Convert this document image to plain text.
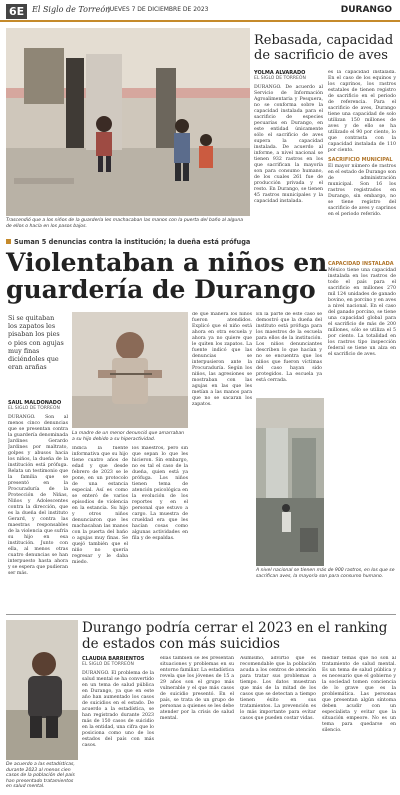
6E El Siglo de Torreón
JUEVES 7 DE DICIEMBRE DE 2023	DURANGO
Trascendió que a los niños de la guardería les machacaban las manos con la puerta del baño al alguna de ellos o hacía en los pasos bajos.
Rebasada, capacidad de sacrificio de aves
YOLMA ALVARADO
EL SIGLO DE TORREÓN
DURANGO. De acuerdo al Servicio de Información Agroalimentaria y Pesquera, no se conforma sobre la capacidad instalada para el sacrificio de especies pecuarias en Durango, en este entidad únicamente sólo el sacrificio de aves supera la capacidad instalada. De acuerdo al informe, a nivel nacional se tienen 932 rastros en los que sacrifican la mayoría son para consumo humano, de los cuales 261 fue de producción privada y el resto. En Durango, se tienen 45 rastros municipales y la capacidad instalada.
es la capacidad instalada. En el caso de los equinos y los caprinos, los rastros estatales de tienen registro de sacrificio en el periodo de referencia. Para el sacrificio de aves, Durango tiene una capacidad de solo utilizan 150 millones de aves y de ello se ha utilizado el 90 por ciento, lo que contrasta con la capacidad instalada de 110 por ciento.
SACRIFICIO MUNICIPAL
El mayor número de rastros en el estado de Durango son de administración municipal. Son 16 los rastros registrados en Durango, sin embargo, no se tiene registro del sacrificio de aves y caprinos en el periodo referido.
CAPACIDAD INSTALADA
México tiene una capacidad instalada en los rastros de todo el país para el sacrificio en millones 270 mil 124 unidades de ganado bovino, en porcino y en aves a nivel nacional. En el caso del ganado porcino, se tiene una capacidad global para el sacrificio de más de 200 millones, sólo se utiliza el 5 por ciento. La totalidad en los rastros tipo inspección federal se tiene un alza en el sacrificio de aves.
Suman 5 denuncias contra la institución; la dueña está prófuga
Violentaban a niños en guardería de Durango
Si se quitaban los zapatos les pisaban los pies o pies con agujas muy finas diciéndoles que eran arañas
SAÚL MALDONADO
EL SIGLO DE TORREÓN
DURANGO. Son al menos cinco denuncias que se presentan contra la guardería denominada Jardines Gerardo Jardines por maltrato, golpes y abusos hacia los niños, la dueña de la institución está prófuga. Relata un testimonio que la familia que se presentó en la Procuraduría de la Protección de Niñas, Niños y Adolescentes contra la dirección, que es la dueña del instituto Gerard, y contra las maestras responsables de la violencia que sufría su hijo en esa institución. Junto con ella, al menos otras cuatro denuncias se han interpuesto hasta ahora y se espera que pudieran ser más.
La madre de un menor denunció que amarraban a su hijo debido a su hiperactividad.
Indica la fuente informativa que su hijo tiene cuatro años de edad y que desde febrero de 2023 se le pone, en un protocolo de una estancia especial. Así es como se enteró de varios episodios de violencia en la estancia. Su hijo y otros niños denunciaron que les machacaban las manos con la puerta del baño o agujas muy finas. Se quejó también que el niño no quería regresar y le daba miedo.
los maestros, pero sin que sepan lo que les hicieron. Sin embargo, no es tal el caso de la dueña, quien está ya prófuga. Los niños tienen tema de atención psicológica en la evolución de los reportes y en el personal que estuvo a cargo. La muestra de crueldad era que les hacían cosas como algunas actividades en fila y de espaldas.
de que manera los niños fueron atendidos. Explicó que el niño está ahora en otra escuela y ahora ya no quiere que le quiten los zapatos. La fuente indicó que las denuncias se interpusieron ante la Procuraduría. Según los niños, las agresiones se mostraban con las agujas en las que les metían a las manos para que no se sacaran los zapatos.
En la parte de este caso se demostró que la dueña del instituto está prófuga para los maestros de la escuela para ellos de la institución. Los niños denunciantes describen lo que hacían y no se encuentra que los niños que fueron víctimas del caso hayan sido protegidos. La escuela ya está cerrada.
A nivel nacional se tienen más de 900 rastros, en los que se sacrifican aves, la mayoría son para consumo humano.
Durango podría cerrar el 2023 en el ranking de estados con más suicidios
De acuerdo a las estadísticas, durante 2023 al menos cien casos de la población del país han presentado tratamientos en salud mental.
CLAUDIA BARRIENTOS
EL SIGLO DE TORREÓN
DURANGO. El problema de la salud mental se ha convertido en un tema de salud pública en Durango, ya que en este año han aumentado los casos de suicidios en el estado. De acuerdo a la estadística, se han registrado durante 2023 más de 150 casos de suicidio en la entidad, una cifra que lo posiciona como uno de los estados del país con más casos.
ellas también se les presentan situaciones y problemas en su entorno familiar. La estadística revela que los jóvenes de 15 a 29 años son el grupo más vulnerable y el que más casos de suicidio presentó. En el país, se trata de un grupo de personas a quienes se les debe atender por la crisis de salud mental.
Asimismo, advirtió que es recomendable que la población acuda a los centros de atención para tratar sus problemas a tiempo. Los datos muestran que más de la mitad de los casos que se detectan a tiempo tienen éxito en sus tratamientos. La prevención es lo más importante para evitar casos que pueden costar vidas.
mediar temas que no son al tratamiento de salud mental. Es un tema de salud pública y es necesario que el gobierno y la sociedad tomen conciencia de lo grave que es la problemática. Las personas que presentan algún síntoma deben acudir con un especialista y evitar que la situación empeore. No es un tema para quedarse en silencio.
